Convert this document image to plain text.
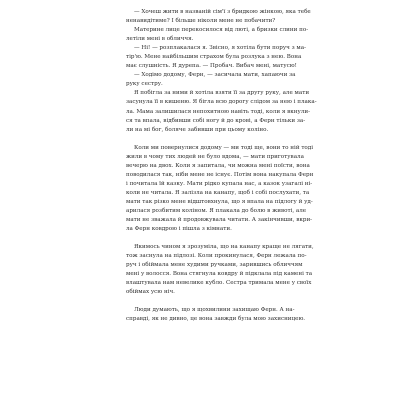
— Хочеш жити в названій сім'ї з бридкою жінкою, яка тебе
ненавидітиме? І більше ніколи мене не побачити?
Материне лице перекосилося від люті, а бризки слини по-
летіли мені в обличчя.
— Ні! — розплакалася я. Звісно, я хотіла бути поруч з ма-
тір'ю. Мене найбільшим страхом була розлука з нею. Вона
має слушність. Я дурепа. — Пробач. Вибач мені, матусю!
— Ходімо додому, Ферн, — засичала мати, хапаючи за
руку сестру.
Я побігла за ними й хотіла взяти її за другу руку, але мати
засунула її в кишеню. Я бігла всю дорогу слідом за нею і плака-
ла. Мама залишилася непохитною навіть тоді, коли я вкнули-
ся та впала, відбивши собі ногу й до крові, а Ферн тільки за-
ли на мі бог, боляче забивши при цьому коліно.
Коли ми повернулися додому — ми тоді ще, вони то ній тоді
жили в чому тих людей не було вдома, — мати приготувала
вечерю на двох. Коли я запитала, чи можна мені поїсти, вона
поводилася так, ніби мене не існує. Потім вона накупала Ферн
і почитала їй казку. Мати рідко купала нас, а казок узагалі ні-
коли не читала. Я залізла на канапу, щоб і собі послухати, та
мати так різко мене відштовхнула, що я впала на підлогу й уд-
арилася розбитим коліном. Я плакала до болю в животі, але
мати не зважала й продовжувала читати. А закінчивши, вкри-
ла Ферн ковдрою і пішла з кімнати.
Якимось чином я зрозуміла, що на канапу краще не лягати,
тож заснула на підлозі. Коли прокинулася, Ферн лежала по-
руч і обіймала мене худими ручками, зарившись обличчям
мені у волосся. Вона стягнула ковдру й підклала під камені та
влаштувала нам невелике кубло. Сестра тримала мене у своїх
обіймах усю ніч.
Люди думають, що я щохвилини захищаю Ферн. А на-
справді, як не дивно, це вона завжди була мою захисницею.
